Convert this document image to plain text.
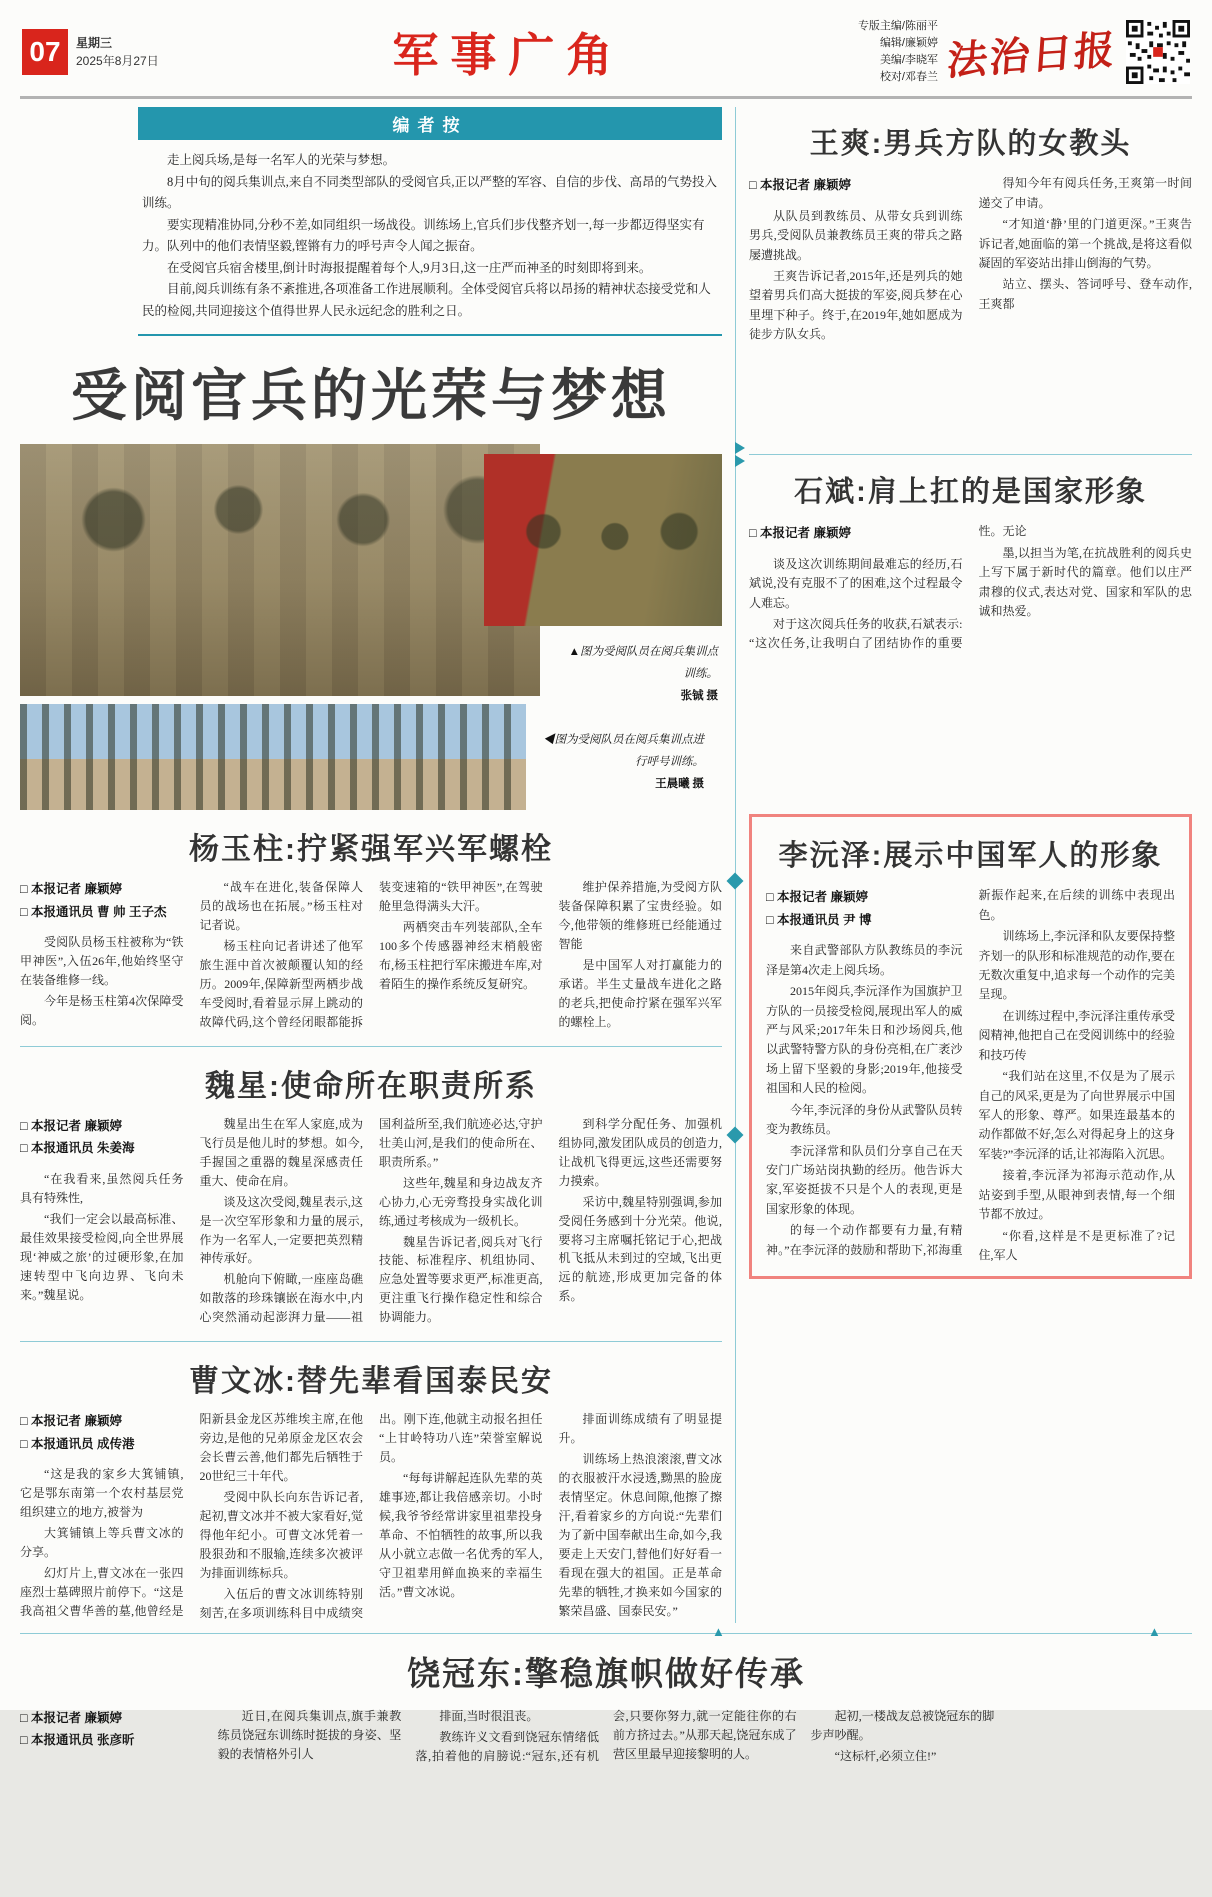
07	星期三
2025年8月27日	军事广角
专版主编/陈丽平
编辑/廉颖婷
美编/李晓军
校对/邓春兰 法治日报
编者按

走上阅兵场,是每一名军人的光荣与梦想。

8月中旬的阅兵集训点,来自不同类型部队的受阅官兵,正以严整的军容、自信的步伐、高昂的气势投入训练。

要实现精准协同,分秒不差,如同组织一场战役。训练场上,官兵们步伐整齐划一,每一步都迈得坚实有力。队列中的他们表情坚毅,铿锵有力的呼号声令人闻之振奋。

在受阅官兵宿舍楼里,倒计时海报提醒着每个人,9月3日,这一庄严而神圣的时刻即将到来。

目前,阅兵训练有条不紊推进,各项准备工作进展顺利。全体受阅官兵将以昂扬的精神状态接受党和人民的检阅,共同迎接这个值得世界人民永远纪念的胜利之日。

受阅官兵的光荣与梦想
▲图为受阅队员在阅兵集训点训练。
张铖 摄
◀图为受阅队员在阅兵集训点进行呼号训练。
王晨曦 摄
杨玉柱:拧紧强军兴军螺栓
□ 本报记者 廉颖婷
□ 本报通讯员 曹 帅 王子杰

受阅队员杨玉柱被称为“铁甲神医”,入伍26年,他始终坚守在装备维修一线。

今年是杨玉柱第4次保障受阅。

“战车在进化,装备保障人员的战场也在拓展。”杨玉柱对记者说。

杨玉柱向记者讲述了他军旅生涯中首次被颠覆认知的经历。2009年,保障新型两栖步战车受阅时,看着显示屏上跳动的故障代码,这个曾经闭眼都能拆装变速箱的“铁甲神医”,在驾驶舱里急得满头大汗。

两栖突击车列装部队,全车100多个传感器神经末梢般密布,杨玉柱把行军床搬进车库,对着陌生的操作系统反复研究。

维护保养措施,为受阅方队装备保障积累了宝贵经验。如今,他带领的维修班已经能通过智能

是中国军人对打赢能力的承诺。半生丈量战车进化之路的老兵,把使命拧紧在强军兴军的螺栓上。

魏星:使命所在职责所系
□ 本报记者 廉颖婷
□ 本报通讯员 朱姜海

“在我看来,虽然阅兵任务具有特殊性,

“我们一定会以最高标准、最佳效果接受检阅,向全世界展现‘神威之旅’的过硬形象,在加速转型中飞向边界、飞向未来。”魏星说。

魏星出生在军人家庭,成为飞行员是他儿时的梦想。如今,手握国之重器的魏星深感责任重大、使命在肩。

谈及这次受阅,魏星表示,这是一次空军形象和力量的展示,作为一名军人,一定要把英烈精神传承好。

机舱向下俯瞰,一座座岛礁如散落的珍珠镶嵌在海水中,内心突然涌动起澎湃力量——祖国利益所至,我们航迹必达,守护壮美山河,是我们的使命所在、职责所系。”

这些年,魏星和身边战友齐心协力,心无旁骛投身实战化训练,通过考核成为一级机长。

魏星告诉记者,阅兵对飞行技能、标准程序、机组协同、应急处置等要求更严,标准更高,更注重飞行操作稳定性和综合协调能力。

到科学分配任务、加强机组协同,激发团队成员的创造力,让战机飞得更远,这些还需要努力摸索。

采访中,魏星特别强调,参加受阅任务感到十分光荣。他说,要将习主席嘱托铭记于心,把战机飞抵从未到过的空域,飞出更远的航迹,形成更加完备的体系。

曹文冰:替先辈看国泰民安
□ 本报记者 廉颖婷
□ 本报通讯员 成传港

“这是我的家乡大箕铺镇,它是鄂东南第一个农村基层党组织建立的地方,被誉为

大箕铺镇上等兵曹文冰的分享。

幻灯片上,曹文冰在一张四座烈士墓碑照片前停下。“这是我高祖父曹华善的墓,他曾经是阳新县金龙区苏维埃主席,在他旁边,是他的兄弟原金龙区农会会长曹云善,他们都先后牺牲于20世纪三十年代。

受阅中队长向东告诉记者,起初,曹文冰并不被大家看好,觉得他年纪小。可曹文冰凭着一股狠劲和不服输,连续多次被评为排面训练标兵。

入伍后的曹文冰训练特别刻苦,在多项训练科目中成绩突出。刚下连,他就主动报名担任“上甘岭特功八连”荣誉室解说员。

“每每讲解起连队先辈的英雄事迹,都让我倍感亲切。小时候,我爷爷经常讲家里祖辈投身革命、不怕牺牲的故事,所以我从小就立志做一名优秀的军人,守卫祖辈用鲜血换来的幸福生活。”曹文冰说。

排面训练成绩有了明显提升。

训练场上热浪滚滚,曹文冰的衣服被汗水浸透,黝黑的脸庞表情坚定。休息间隙,他擦了擦汗,看着家乡的方向说:“先辈们为了新中国奉献出生命,如今,我要走上天安门,替他们好好看一看现在强大的祖国。正是革命先辈的牺牲,才换来如今国家的繁荣昌盛、国泰民安。”

王爽:男兵方队的女教头
□ 本报记者 廉颖婷

从队员到教练员、从带女兵到训练男兵,受阅队员兼教练员王爽的带兵之路屡遭挑战。

王爽告诉记者,2015年,还是列兵的她望着男兵们高大挺拔的军姿,阅兵梦在心里埋下种子。终于,在2019年,她如愿成为徒步方队女兵。

得知今年有阅兵任务,王爽第一时间递交了申请。

“才知道‘静’里的门道更深。”王爽告诉记者,她面临的第一个挑战,是将这看似凝固的军姿站出排山倒海的气势。

站立、摆头、答词呼号、登车动作,王爽都

石斌:肩上扛的是国家形象
□ 本报记者 廉颖婷

谈及这次训练期间最难忘的经历,石斌说,没有克服不了的困难,这个过程最令人难忘。

对于这次阅兵任务的收获,石斌表示:“这次任务,让我明白了团结协作的重要性。无论

墨,以担当为笔,在抗战胜利的阅兵史上写下属于新时代的篇章。他们以庄严肃穆的仪式,表达对党、国家和军队的忠诚和热爱。

李沅泽:展示中国军人的形象
□ 本报记者 廉颖婷
□ 本报通讯员 尹 博

来自武警部队方队教练员的李沅泽是第4次走上阅兵场。

2015年阅兵,李沅泽作为国旗护卫方队的一员接受检阅,展现出军人的威严与风采;2017年朱日和沙场阅兵,他以武警特警方队的身份亮相,在广袤沙场上留下坚毅的身影;2019年,他接受祖国和人民的检阅。

今年,李沅泽的身份从武警队员转变为教练员。

李沅泽常和队员们分享自己在天安门广场站岗执勤的经历。他告诉大家,军姿挺拔不只是个人的表现,更是国家形象的体现。

的每一个动作都要有力量,有精神。”在李沅泽的鼓励和帮助下,祁海重新振作起来,在后续的训练中表现出色。

训练场上,李沅泽和队友要保持整齐划一的队形和标准规范的动作,要在无数次重复中,追求每一个动作的完美呈现。

在训练过程中,李沅泽注重传承受阅精神,他把自己在受阅训练中的经验和技巧传

“我们站在这里,不仅是为了展示自己的风采,更是为了向世界展示中国军人的形象、尊严。如果连最基本的动作都做不好,怎么对得起身上的这身军装?”李沅泽的话,让祁海陷入沉思。

接着,李沅泽为祁海示范动作,从站姿到手型,从眼神到表情,每一个细节都不放过。

“你看,这样是不是更标准了?记住,军人

▲	▲
饶冠东:擎稳旗帜做好传承
□ 本报记者 廉颖婷
□ 本报通讯员 张彦昕

近日,在阅兵集训点,旗手兼教练员饶冠东训练时挺拔的身姿、坚毅的表情格外引人

排面,当时很沮丧。

教练许义文看到饶冠东情绪低落,拍着他的肩膀说:“冠东,还有机会,只要你努力,就一定能往你的右前方挤过去。”从那天起,饶冠东成了营区里最早迎接黎明的人。

起初,一楼战友总被饶冠东的脚步声吵醒。

“这标杆,必须立住!”
